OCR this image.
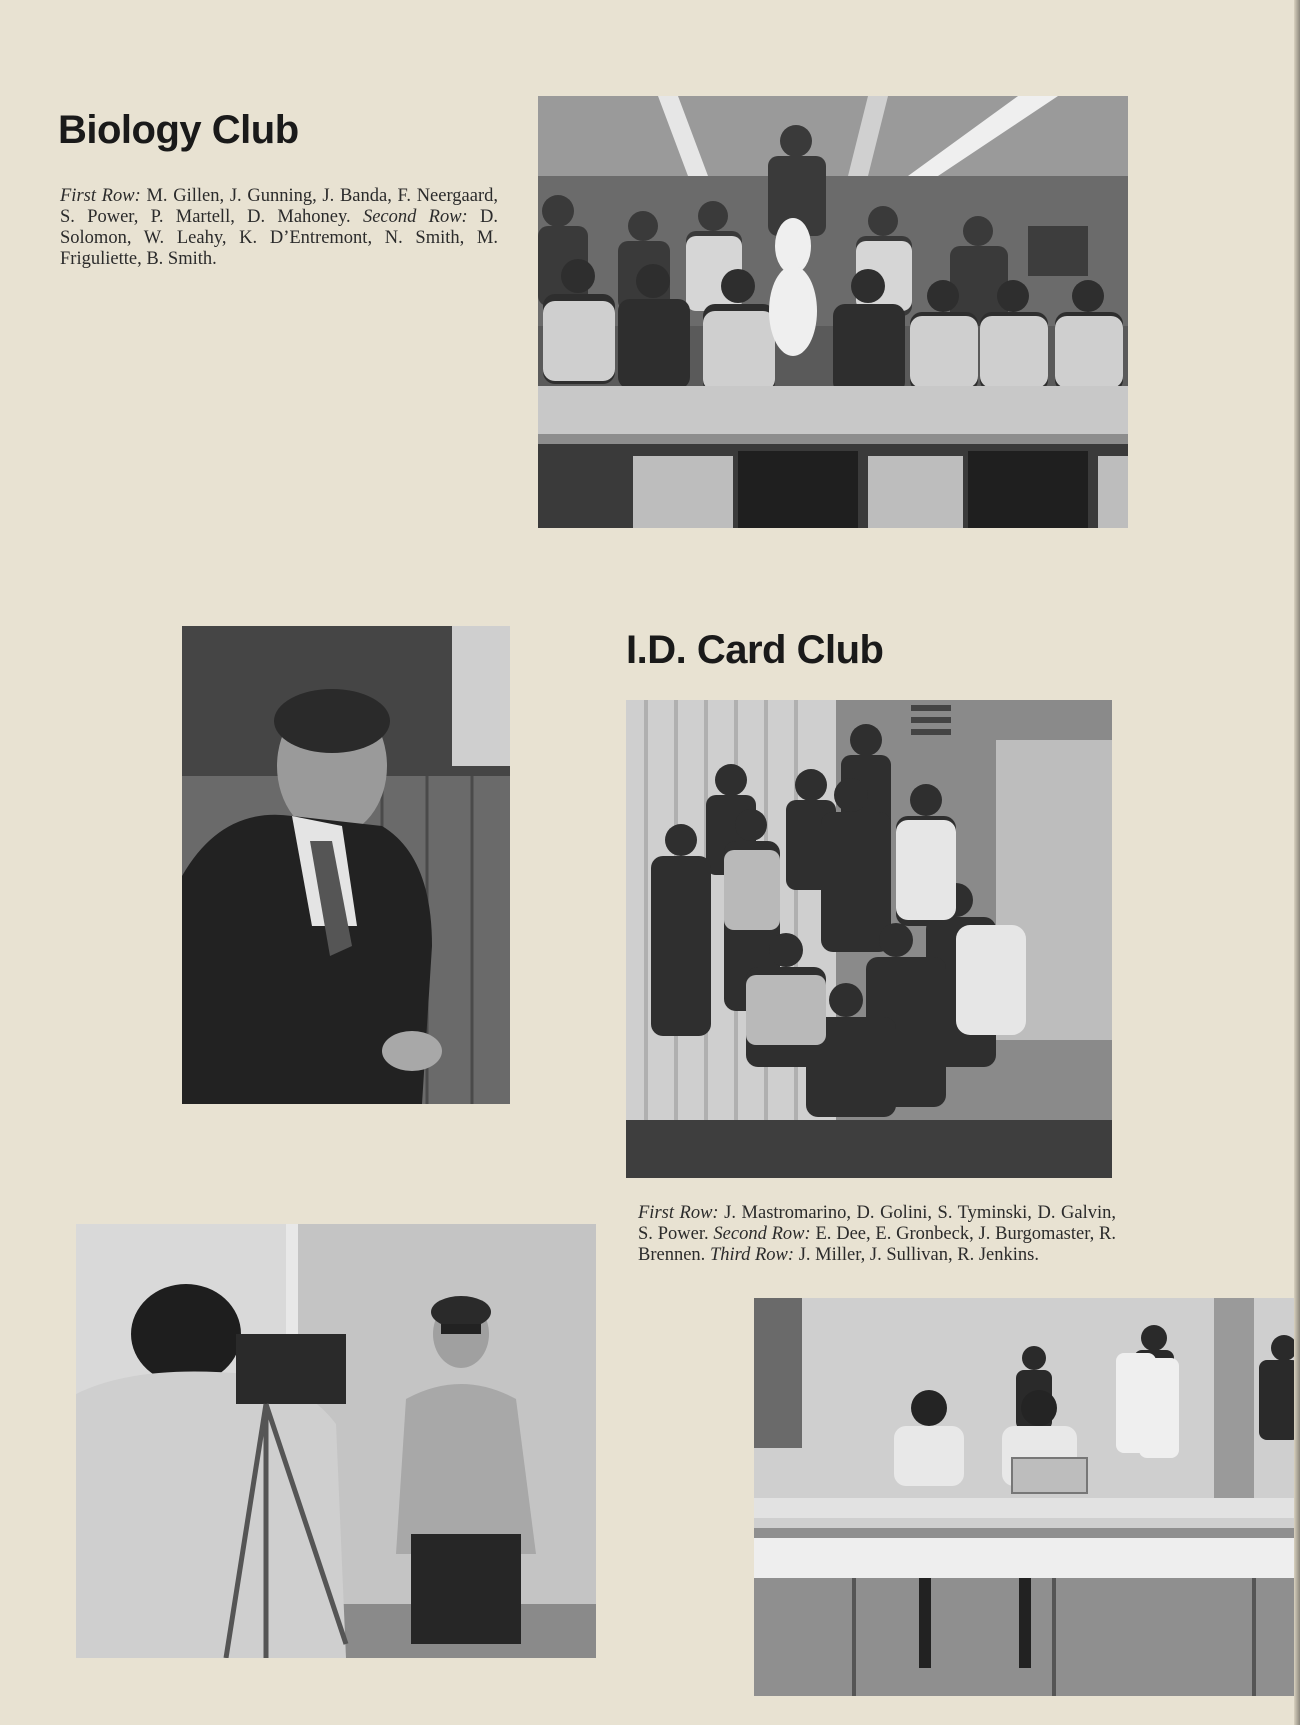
Biology Club

First Row: M. Gillen, J. Gunning, J. Banda, F. Neergaard, S. Power, P. Martell, D. Mahoney. Second Row: D. Solomon, W. Leahy, K. D’Entremont, N. Smith, M. Friguliette, B. Smith.

I.D. Card Club

First Row: J. Mastromarino, D. Golini, S. Tyminski, D. Galvin, S. Power. Second Row: E. Dee, E. Gronbeck, J. Burgomaster, R. Brennen. Third Row: J. Miller, J. Sullivan, R. Jenkins.
